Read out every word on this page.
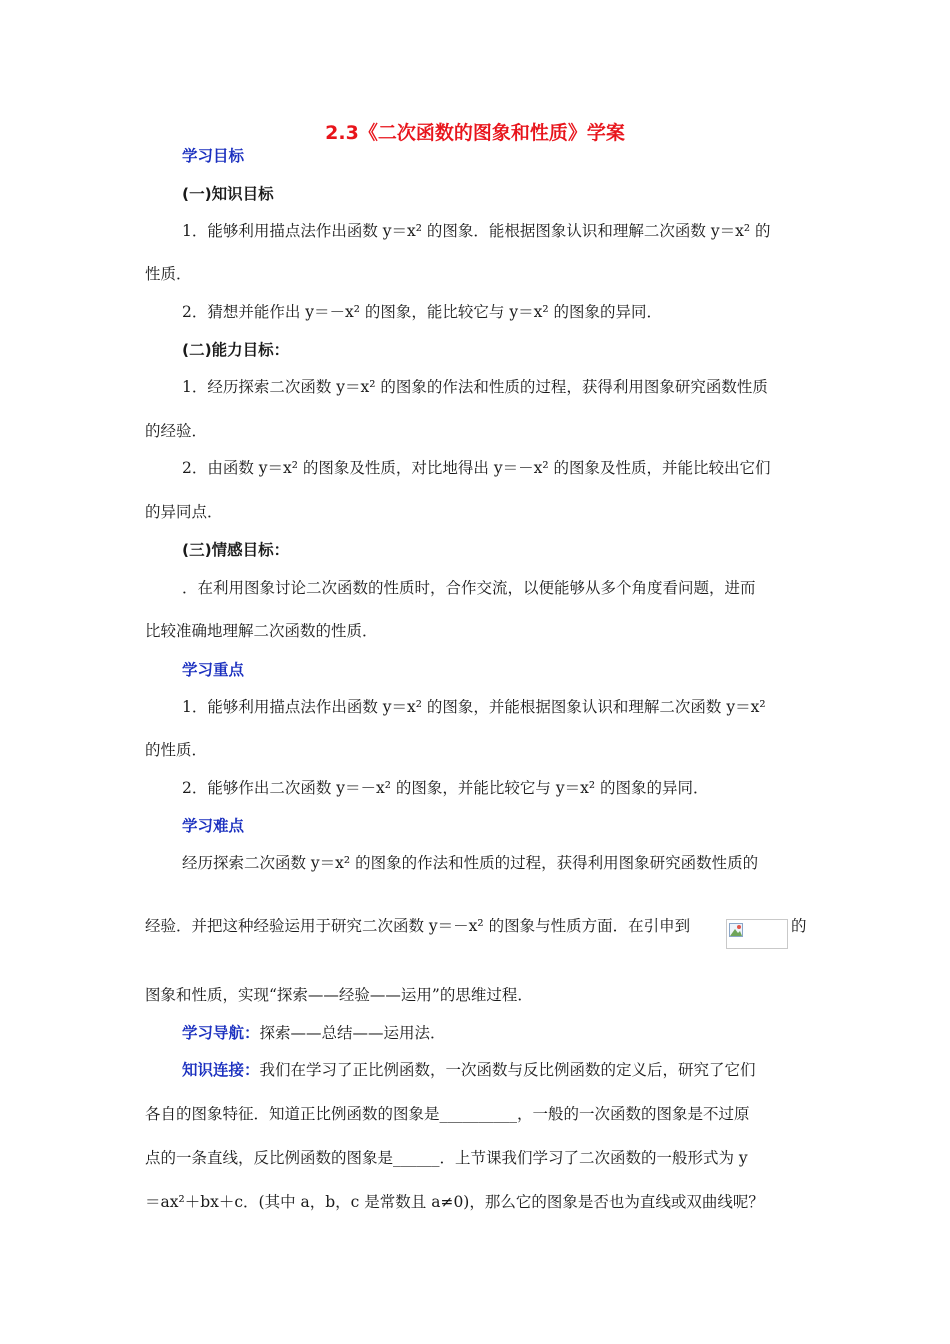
2.3《二次函数的图象和性质》学案
学习目标
(一)知识目标
1．能够利用描点法作出函数 y＝x² 的图象．能根据图象认识和理解二次函数 y＝x² 的
性质．
2．猜想并能作出 y＝－x² 的图象，能比较它与 y＝x² 的图象的异同．
(二)能力目标：
1．经历探索二次函数 y＝x² 的图象的作法和性质的过程，获得利用图象研究函数性质
的经验．
2．由函数 y＝x² 的图象及性质，对比地得出 y＝－x² 的图象及性质，并能比较出它们
的异同点．
(三)情感目标：
．在利用图象讨论二次函数的性质时，合作交流，以便能够从多个角度看问题，进而
比较准确地理解二次函数的性质．
学习重点
1．能够利用描点法作出函数 y＝x² 的图象，并能根据图象认识和理解二次函数 y＝x²
的性质．
2．能够作出二次函数 y＝－x² 的图象，并能比较它与 y＝x² 的图象的异同．
学习难点
经历探索二次函数 y＝x² 的图象的作法和性质的过程，获得利用图象研究函数性质的
经验．并把这种经验运用于研究二次函数 y＝－x² 的图象与性质方面．在引申到	的
图象和性质，实现“探索——经验——运用”的思维过程．
学习导航：探索——总结——运用法．
知识连接：我们在学习了正比例函数，一次函数与反比例函数的定义后，研究了它们
各自的图象特征．知道正比例函数的图象是__________，一般的一次函数的图象是不过原
点的一条直线，反比例函数的图象是______．上节课我们学习了二次函数的一般形式为 y
＝ax²＋bx＋c．(其中 a，b，c 是常数且 a≠0)，那么它的图象是否也为直线或双曲线呢？
